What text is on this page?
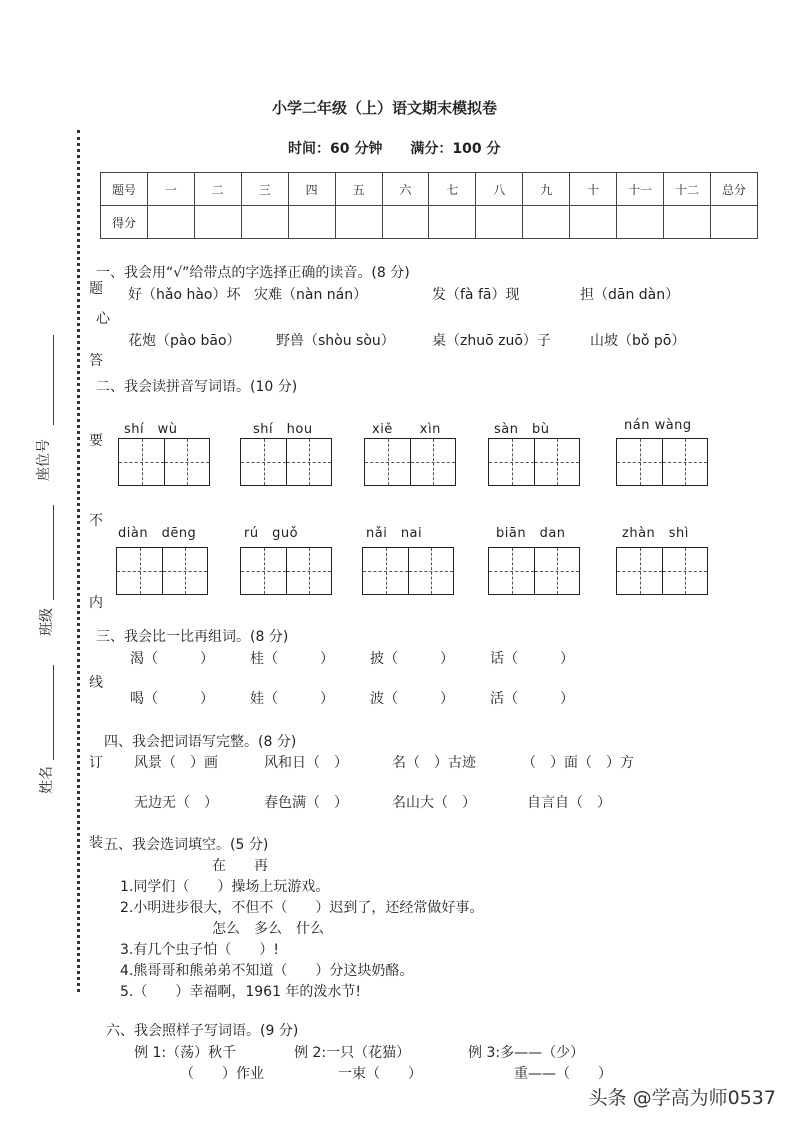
小学二年级（上）语文期末模拟卷
时间：60 分钟　　满分：100 分
题
答
要
不
内
线
订
装
座位号
班级
姓名
题号	一	二	三	四	五	六	七	八	九	十	十一	十二	总分
得分													
一、我会用“√”给带点的字选择正确的读音。(8 分)
好（hǎo hào）坏 灾难（nàn nán）	发（fà fā）现	担（dān dàn）
心
花炮（pào bāo）	野兽（shòu sòu）	桌（zhuō zuō）子	山坡（bǒ pō）
二、我会读拼音写词语。(10 分)
shí　wù	shí　hou	xiě　　xìn	sàn　bù	nán wàng
diàn　dēng	rú　guǒ	nǎi　nai	biān　dan	zhàn　shì
三、我会比一比再组词。(8 分)
渴（　　　）	桂（　　　）	披（　　　）	话（　　　）
喝（　　　）	娃（　　　）	波（　　　）	活（　　　）
四、我会把词语写完整。(8 分)
风景（　）画	风和日（　）	名（　）古迹	（　）面（　）方
无边无（　）	春色满（　）	名山大（　）	自言自（　）
五、我会选词填空。(5 分)
在　　再
1.同学们（　　）操场上玩游戏。
2.小明进步很大，不但不（　　）迟到了，还经常做好事。
怎么　多么　什么
3.有几个虫子怕（　　）!
4.熊哥哥和熊弟弟不知道（　　）分这块奶酪。
5.（　　）幸福啊，1961 年的泼水节!
六、我会照样子写词语。(9 分)
例 1:（荡）秋千	例 2:一只（花猫）	例 3:多——（少）
（　　）作业	一束（　　）	重——（　　）
头条 @学高为师0537
